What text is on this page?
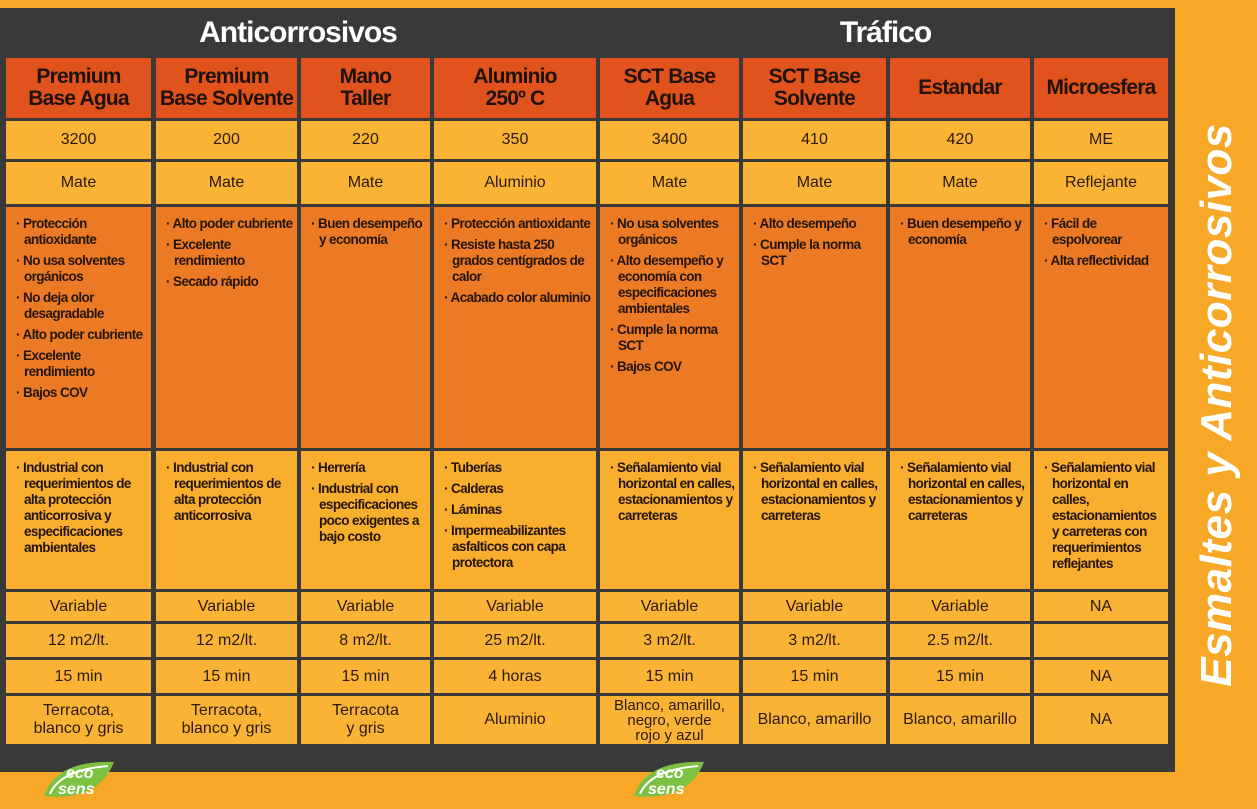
Anticorrosivos	Tráfico
Premium
Base Agua
3200
Mate
· Protección antioxidante
· No usa solventes orgánicos
· No deja olor desagradable
· Alto poder cubriente
· Excelente rendimiento
· Bajos COV
· Industrial con requerimientos de alta protección anticorrosiva y especificaciones ambientales
Variable
12 m2/lt.
15 min
Terracota,
blanco y gris
Premium
Base Solvente
200
Mate
· Alto poder cubriente
· Excelente rendimiento
· Secado rápido
· Industrial con requerimientos de alta protección anticorrosiva
Variable
12 m2/lt.
15 min
Terracota,
blanco y gris
Mano
Taller
220
Mate
· Buen desempeño y economía
· Herrería
· Industrial con especificaciones poco exigentes a bajo costo
Variable
8 m2/lt.
15 min
Terracota
y gris
Aluminio
250º C
350
Aluminio
· Protección antioxidante
· Resiste hasta 250 grados centígrados de calor
· Acabado color aluminio
· Tuberías
· Calderas
· Láminas
· Impermeabilizantes asfalticos con capa protectora
Variable
25 m2/lt.
4 horas
Aluminio
SCT Base
Agua
3400
Mate
· No usa solventes orgánicos
· Alto desempeño y economía con especificaciones ambientales
· Cumple la norma SCT
· Bajos COV
· Señalamiento vial horizontal en calles, estacionamientos y carreteras
Variable
3 m2/lt.
15 min
Blanco, amarillo,
negro, verde
rojo y azul
SCT Base
Solvente
410
Mate
· Alto desempeño
· Cumple la norma SCT
· Señalamiento vial horizontal en calles, estacionamientos y carreteras
Variable
3 m2/lt.
15 min
Blanco, amarillo
Estandar
420
Mate
· Buen desempeño y economía
· Señalamiento vial horizontal en calles, estacionamientos y carreteras
Variable
2.5 m2/lt.
15 min
Blanco, amarillo
Microesfera
ME
Reflejante
· Fácil de espolvorear
· Alta reflectividad
· Señalamiento vial horizontal en calles, estacionamientos y carreteras con requerimientos reflejantes
NA
NA
NA
eco
sens
eco
sens
Esmaltes y Anticorrosivos
